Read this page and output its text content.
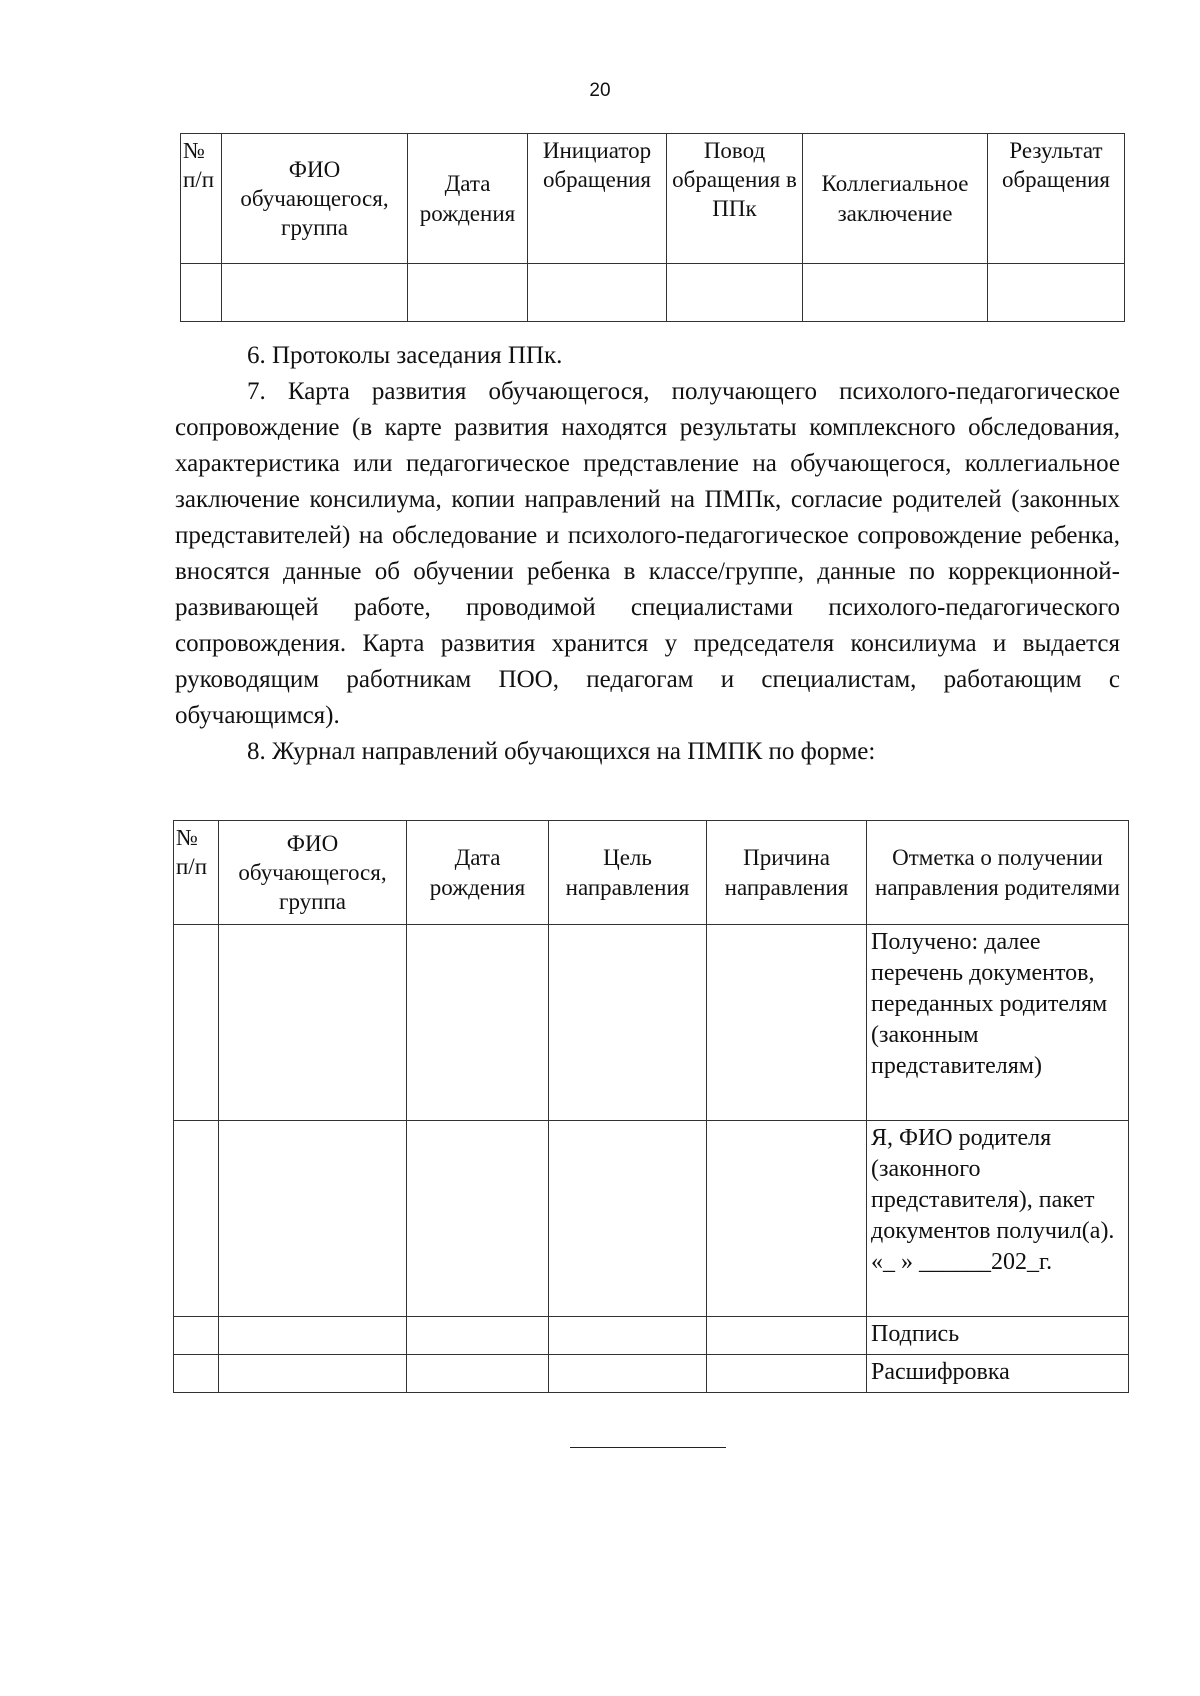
20
№ п/п	ФИО обучающегося, группа	Дата рождения	Инициатор обращения	Повод обращения в ППк	Коллегиальное заключение	Результат обращения

6. Протоколы заседания ППк.

7. Карта развития обучающегося, получающего психолого-педагогическое сопровождение (в карте развития находятся результаты комплексного обследования, характеристика или педагогическое представление на обучающегося, коллегиальное заключение консилиума, копии направлений на ПМПк, согласие родителей (законных представителей) на обследование и психолого-педагогическое сопровождение ребенка, вносятся данные об обучении ребенка в классе/группе, данные по коррекционной-развивающей работе, проводимой специалистами психолого-педагогического сопровождения. Карта развития хранится у председателя консилиума и выдается руководящим работникам ПОО, педагогам и специалистам, работающим с обучающимся).

8. Журнал направлений обучающихся на ПМПК по форме:

№ п/п	ФИО обучающегося, группа	Дата рождения	Цель направления	Причина направления	Отметка о получении направления родителями
					Получено: далее перечень документов, переданных родителям (законным представителям)

					Я, ФИО родителя (законного представителя), пакет документов получил(а).
«_ » ______202_г.

					Подпись
					Расшифровка
